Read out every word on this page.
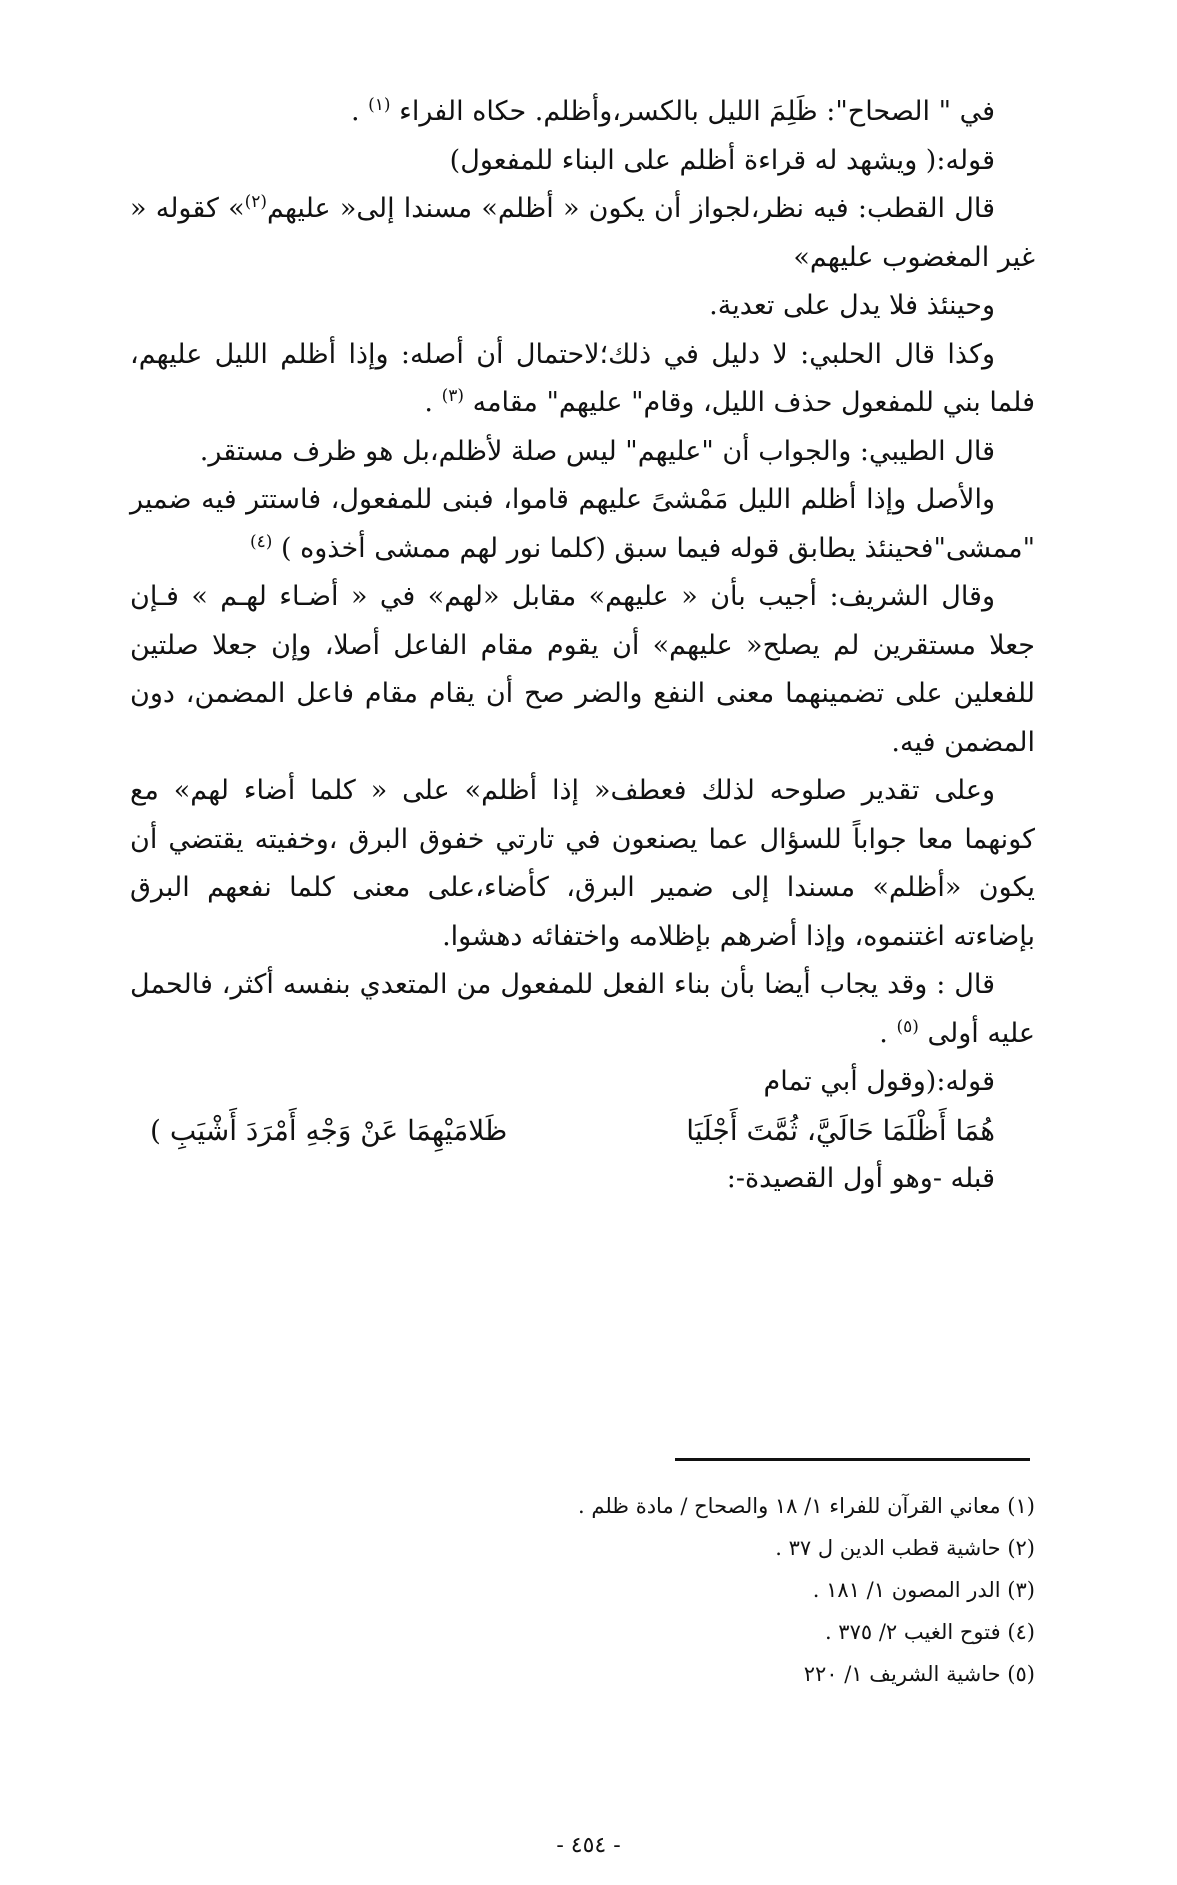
في " الصحاح": ظَلِمَ الليل بالكسر،وأظلم. حكاه الفراء $^{(١)}$ .

قوله:( ويشهد له قراءة أظلم على البناء للمفعول)

قال القطب: فيه نظر،لجواز أن يكون « أظلم» مسندا إلى« عليهم$^{(٢)}$» كقوله « غير المغضوب عليهم»

وحينئذ فلا يدل على تعدية.

وكذا قال الحلبي: لا دليل في ذلك؛لاحتمال أن أصله: وإذا أظلم الليل عليهم، فلما بني للمفعول حذف الليل، وقام" عليهم" مقامه $^{(٣)}$ .

قال الطيبي: والجواب أن "عليهم" ليس صلة لأظلم،بل هو ظرف مستقر.

والأصل وإذا أظلم الليل مَمْشىً عليهم قاموا، فبنى للمفعول، فاستتر فيه ضمير "ممشى"فحينئذ يطابق قوله فيما سبق (كلما نور لهم ممشى أخذوه ) $^{(٤)}$

وقال الشريف: أجيب بأن « عليهم» مقابل «لهم» في « أضـاء لهـم » فـإن جعلا مستقرين لم يصلح« عليهم» أن يقوم مقام الفاعل أصلا، وإن جعلا صلتين للفعلين على تضمينهما معنى النفع والضر صح أن يقام مقام فاعل المضمن، دون المضمن فيه.

وعلى تقدير صلوحه لذلك فعطف« إذا أظلم» على « كلما أضاء لهم» مع كونهما معا جواباً للسؤال عما يصنعون في تارتي خفوق البرق ،وخفيته يقتضي أن يكون «أظلم» مسندا إلى ضمير البرق، كأضاء،على معنى كلما نفعهم البرق بإضاءته اغتنموه، وإذا أضرهم بإظلامه واختفائه دهشوا.

قال : وقد يجاب أيضا بأن بناء الفعل للمفعول من المتعدي بنفسه أكثر، فالحمل عليه أولى $^{(٥)}$ .

قوله:(وقول أبي تمام

هُمَا أَظْلَمَا حَالَيَّ، ثُمَّتَ أَجْلَيَا
ظَلامَيْهِمَا عَنْ وَجْهِ أَمْرَدَ أَشْيَبِ )

قبله -وهو أول القصيدة-:

(١) معاني القرآن للفراء ١/ ١٨ والصحاح / مادة ظلم .

(٢) حاشية قطب الدين ل ٣٧ .

(٣) الدر المصون ١/ ١٨١ .

(٤) فتوح الغيب ٢/ ٣٧٥ .

(٥) حاشية الشريف ١/ ٢٢٠

- ٤٥٤ -
